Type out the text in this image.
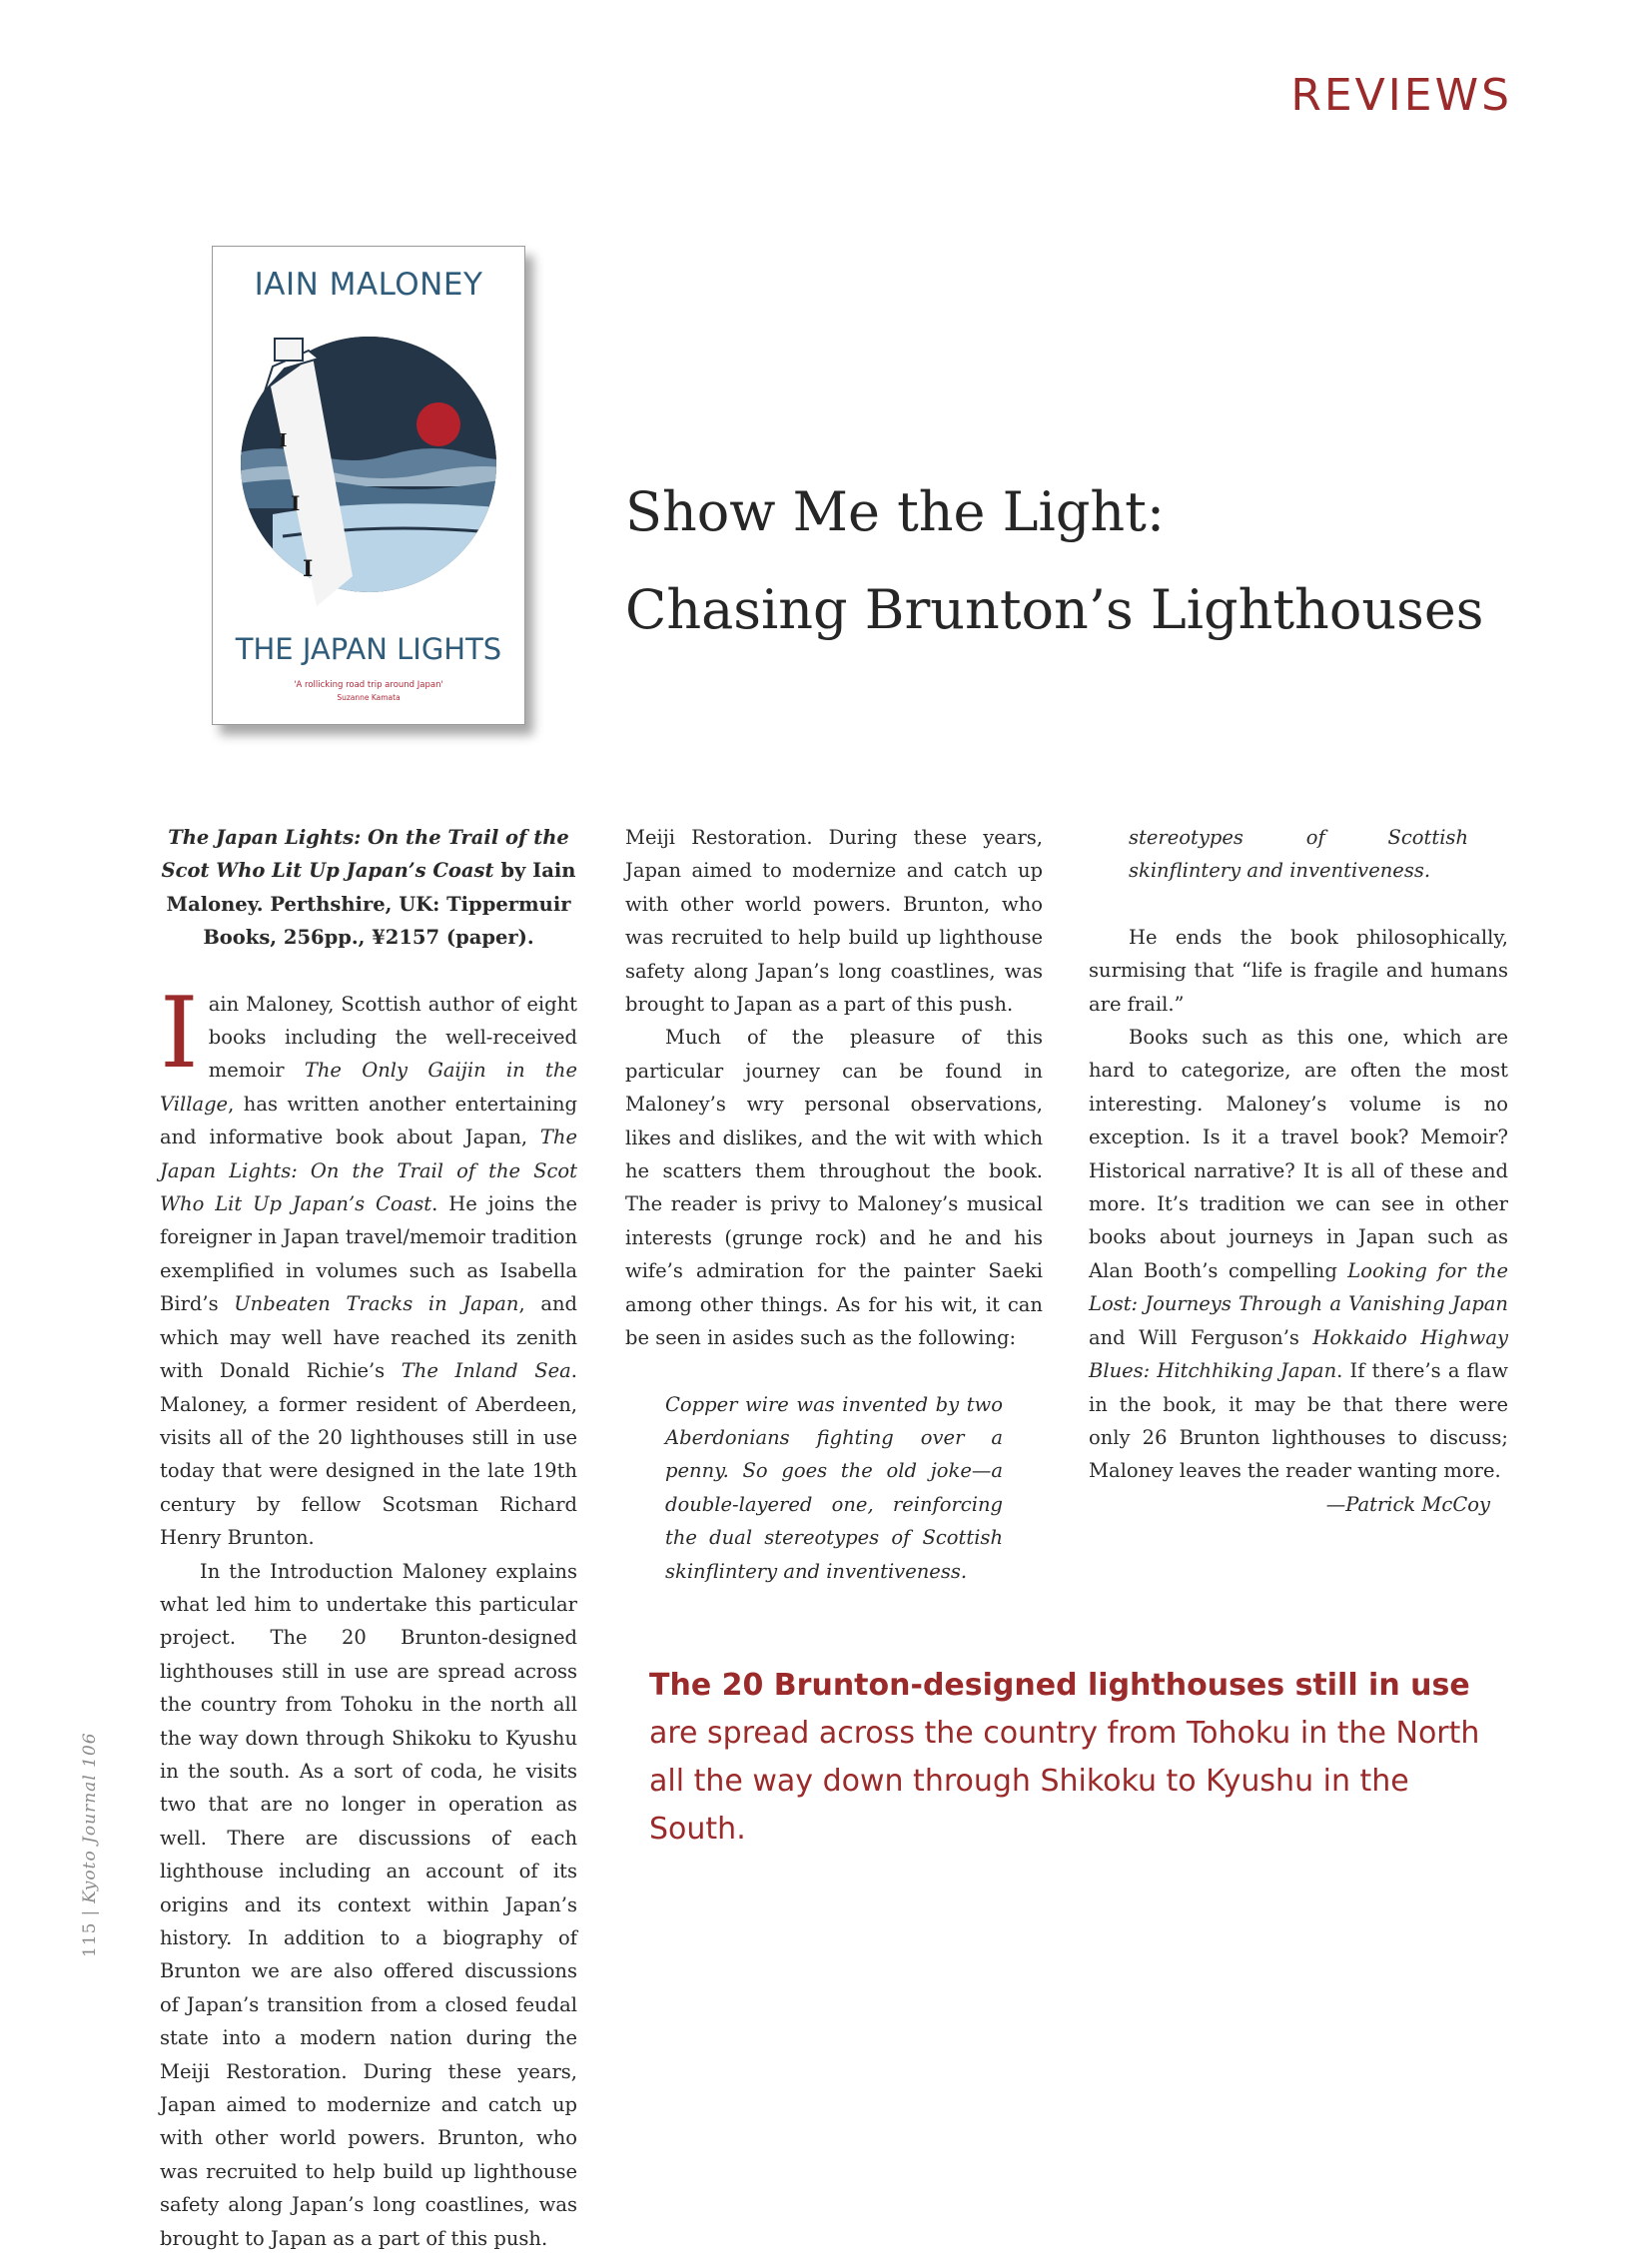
REVIEWS
I
I
I
IAIN MALONEY
THE JAPAN LIGHTS
'A rollicking road trip around Japan'
Suzanne Kamata
Show Me the Light:
Chasing Brunton’s Lighthouses

The Japan Lights: On the Trail of the Scot Who Lit Up Japan’s Coast by Iain Maloney. Perthshire, UK: Tippermuir Books, 256pp., ¥2157 (paper).

Iain Maloney, Scottish author of eight books including the well-received memoir The Only Gaijin in the Village, has written another entertaining and informative book about Japan, The Japan Lights: On the Trail of the Scot Who Lit Up Japan’s Coast. He joins the foreigner in Japan travel/memoir tradition exemplified in volumes such as Isabella Bird’s Unbeaten Tracks in Japan, and which may well have reached its zenith with Donald Richie’s The Inland Sea. Maloney, a former resident of Aberdeen, visits all of the 20 lighthouses still in use today that were designed in the late 19th century by fellow Scotsman Richard Henry Brunton.

In the Introduction Maloney explains what led him to undertake this particular project. The 20 Brunton-designed lighthouses still in use are spread across the country from Tohoku in the north all the way down through Shikoku to Kyushu in the south. As a sort of coda, he visits two that are no longer in operation as well. There are discussions of each lighthouse including an account of its origins and its context within Japan’s history. In addition to a biography of Brunton we are also offered discussions of Japan’s transition from a closed feudal state into a modern nation during the Meiji Restoration. During these years, Japan aimed to modernize and catch up with other world powers. Brunton, who was recruited to help build up lighthouse safety along Japan’s long coastlines, was brought to Japan as a part of this push.

Meiji Restoration. During these years, Japan aimed to modernize and catch up with other world powers. Brunton, who was recruited to help build up lighthouse safety along Japan’s long coastlines, was brought to Japan as a part of this push.

Much of the pleasure of this particular journey can be found in Maloney’s wry personal observations, likes and dislikes, and the wit with which he scatters them throughout the book. The reader is privy to Maloney’s musical interests (grunge rock) and he and his wife’s admiration for the painter Saeki among other things. As for his wit, it can be seen in asides such as the following:

Copper wire was invented by two Aberdonians fighting over a penny. So goes the old joke—a double-layered one, reinforcing the dual stereotypes of Scottish skinflintery and inventiveness.

stereotypes of Scottish skinflintery and inventiveness.

He ends the book philosophically, surmising that “life is fragile and humans are frail.”

Books such as this one, which are hard to categorize, are often the most interesting. Maloney’s volume is no exception. Is it a travel book? Memoir? Historical narrative? It is all of these and more. It’s tradition we can see in other books about journeys in Japan such as Alan Booth’s compelling Looking for the Lost: Journeys Through a Vanishing Japan and Will Ferguson’s Hokkaido Highway Blues: Hitchhiking Japan. If there’s a flaw in the book, it may be that there were only 26 Brunton lighthouses to discuss; Maloney leaves the reader wanting more.

—Patrick McCoy

The 20 Brunton-designed lighthouses still in use are spread across the country from Tohoku in the North all the way down through Shikoku to Kyushu in the South.
115|Kyoto Journal 106
